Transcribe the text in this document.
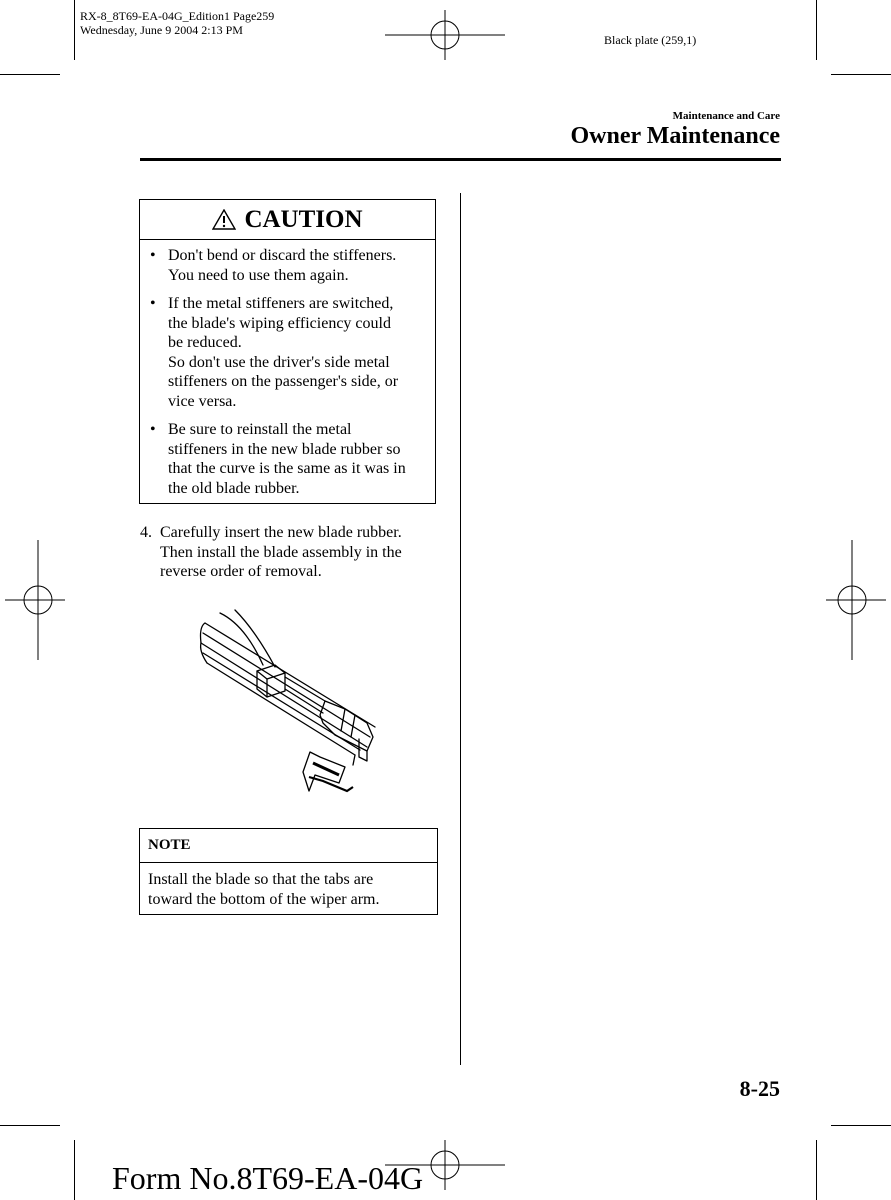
RX-8_8T69-EA-04G_Edition1 Page259
Wednesday, June 9 2004 2:13 PM
Black plate (259,1)
Maintenance and Care
Owner Maintenance
CAUTION
• Don't bend or discard the stiffeners.
You need to use them again.
• If the metal stiffeners are switched,
the blade's wiping efficiency could
be reduced.
So don't use the driver's side metal
stiffeners on the passenger's side, or
vice versa.
• Be sure to reinstall the metal
stiffeners in the new blade rubber so
that the curve is the same as it was in
the old blade rubber.
4. Carefully insert the new blade rubber.
Then install the blade assembly in the
reverse order of removal.
NOTE
Install the blade so that the tabs are
toward the bottom of the wiper arm.
8-25
Form No.8T69-EA-04G
